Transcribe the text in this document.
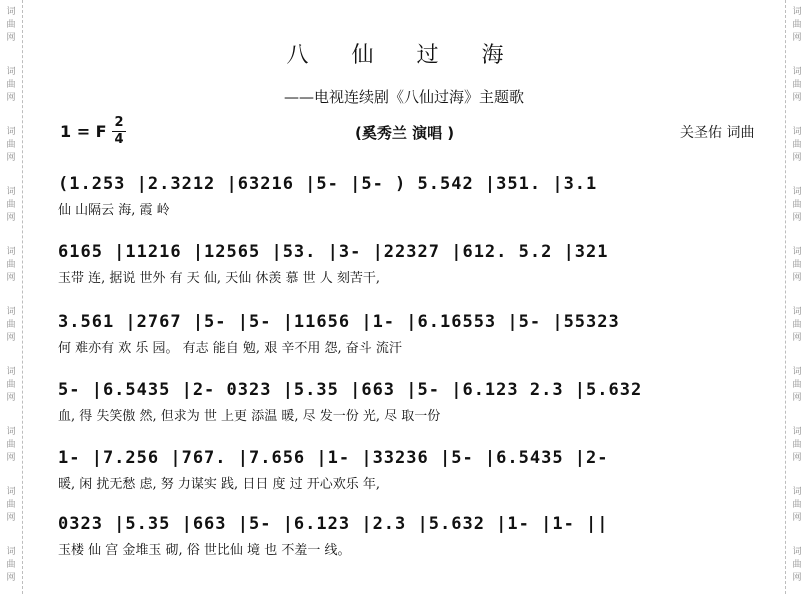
词
曲
网
词
曲
网
词
曲
网
词
曲
网
词
曲
网
词
曲
网
词
曲
网
词
曲
网
词
曲
网
词
曲
网
词
曲
网
词
曲
网
词
曲
网
词
曲
网
词
曲
网
词
曲
网
词
曲
网
词
曲
网
词
曲
网
词
曲
网
八 仙 过 海
——电视连续剧《八仙过海》主题歌
1 = F 2
4	(奚秀兰 演唱 )	关圣佑 词曲
(1.253 |2.3212 |63216 |5- |5- ) 5.542 |351. |3.1
仙 山隔云 海, 霞 岭
6165 |11216 |12565 |53. |3- |22327 |612. 5.2 |321
玉带 连, 据说 世外 有 天 仙, 天仙 休羡 慕 世 人 刻苦干,
3.561 |2767 |5- |5- |11656 |1- |6.16553 |5- |55323
何 难亦有 欢 乐 园。 有志 能自 勉, 艰 辛不用 怨, 奋斗 流汗
5- |6.5435 |2- 0323 |5.35 |663 |5- |6.123 2.3 |5.632
血, 得 失笑傲 然, 但求为 世 上更 添温 暖, 尽 发一份 光, 尽 取一份
1- |7.256 |767. |7.656 |1- |33236 |5- |6.5435 |2-
暖, 闲 扰无愁 虑, 努 力谋实 践, 日日 度 过 开心欢乐 年,
0323 |5.35 |663 |5- |6.123 |2.3 |5.632 |1- |1- ||
玉楼 仙 宫 金堆玉 砌, 俗 世比仙 境 也 不羞一 线。
